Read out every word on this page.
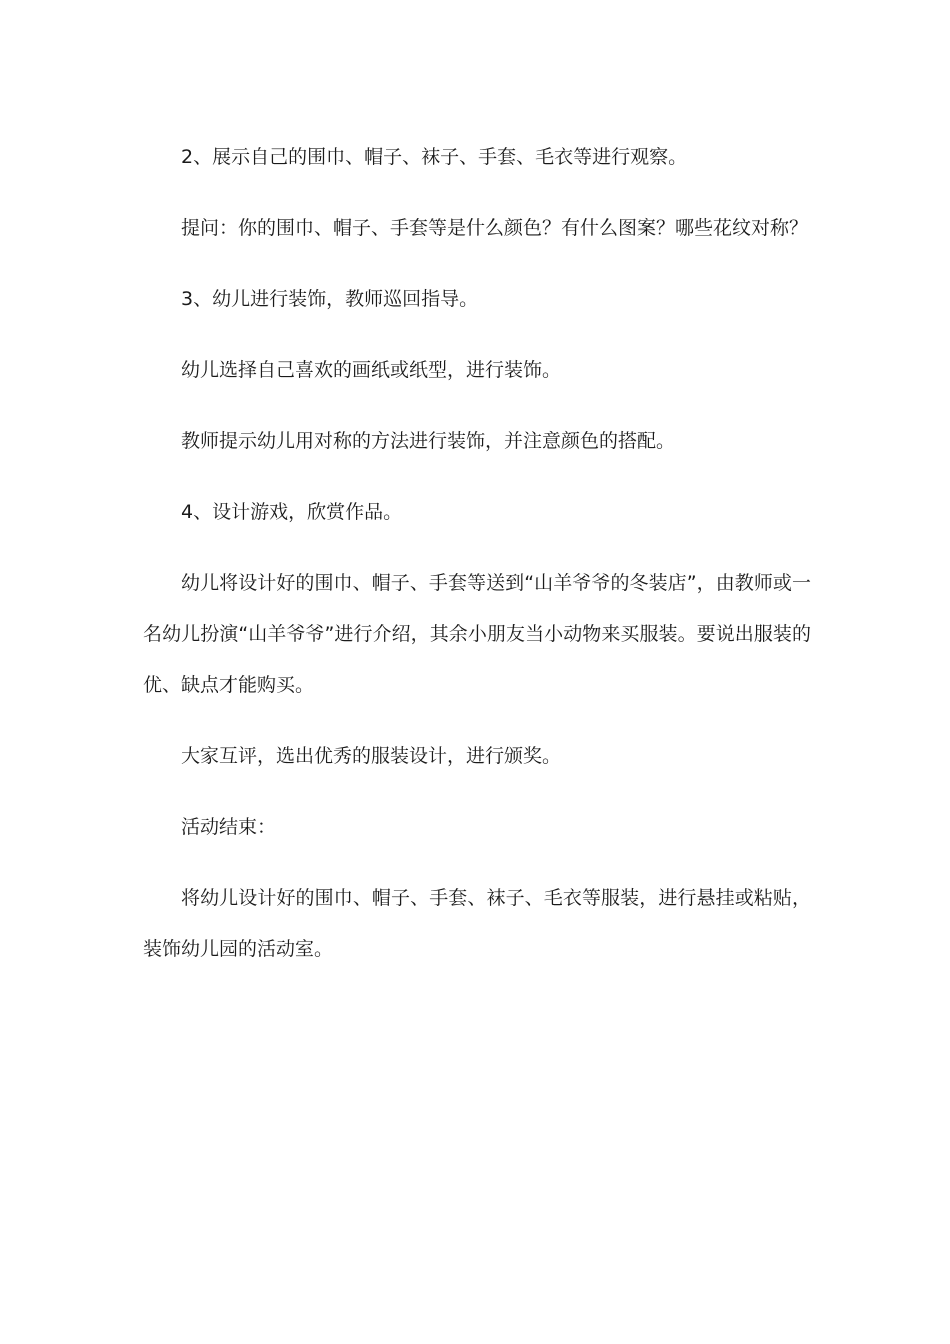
2、展示自己的围巾、帽子、袜子、手套、毛衣等进行观察。

提问：你的围巾、帽子、手套等是什么颜色？有什么图案？哪些花纹对称？

3、幼儿进行装饰，教师巡回指导。

幼儿选择自己喜欢的画纸或纸型，进行装饰。

教师提示幼儿用对称的方法进行装饰，并注意颜色的搭配。

4、设计游戏，欣赏作品。

幼儿将设计好的围巾、帽子、手套等送到“山羊爷爷的冬装店”，由教师或一名幼儿扮演“山羊爷爷”进行介绍，其余小朋友当小动物来买服装。要说出服装的优、缺点才能购买。

大家互评，选出优秀的服装设计，进行颁奖。

活动结束：

将幼儿设计好的围巾、帽子、手套、袜子、毛衣等服装，进行悬挂或粘贴，装饰幼儿园的活动室。
